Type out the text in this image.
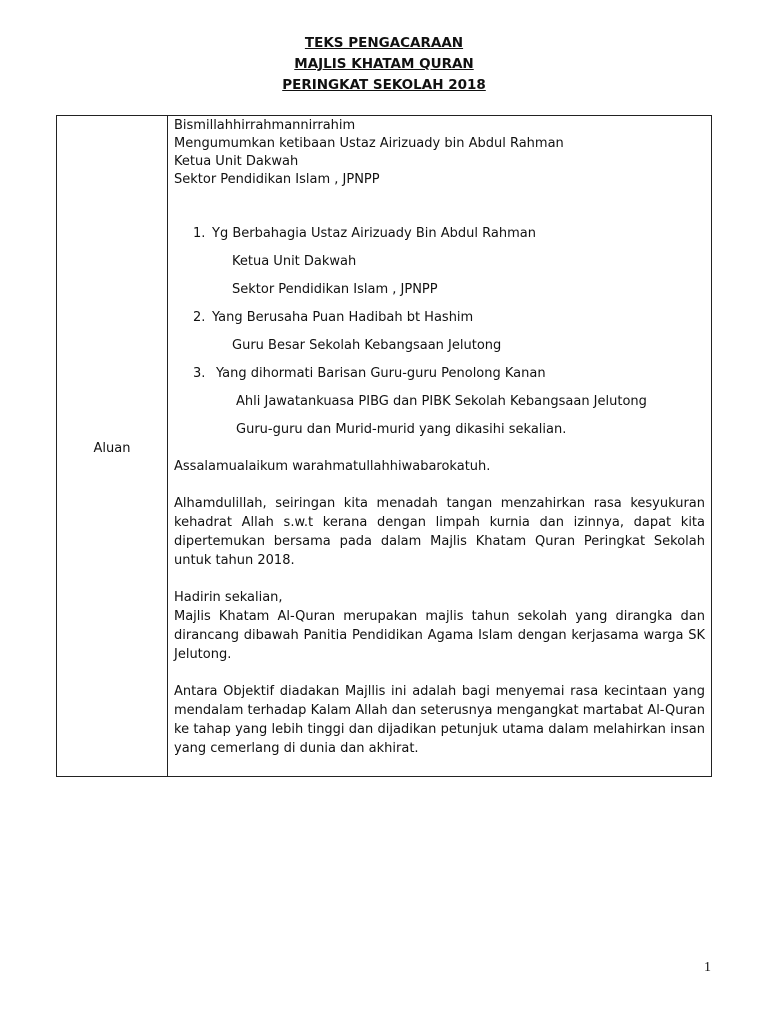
TEKS PENGACARAAN
MAJLIS KHATAM QURAN
PERINGKAT SEKOLAH 2018
Aluan	
Bismillahhirrahmannirrahim
Mengumumkan ketibaan Ustaz Airizuady bin Abdul Rahman
Ketua Unit Dakwah
Sektor Pendidikan Islam , JPNPP
1. Yg Berbahagia Ustaz Airizuady Bin Abdul Rahman
Ketua Unit Dakwah
Sektor Pendidikan Islam , JPNPP
2. Yang Berusaha Puan Hadibah bt Hashim
Guru Besar Sekolah Kebangsaan Jelutong
3. Yang dihormati Barisan Guru-guru Penolong Kanan
Ahli Jawatankuasa PIBG dan PIBK Sekolah Kebangsaan Jelutong
Guru-guru dan Murid-murid yang dikasihi sekalian.
Assalamualaikum warahmatullahhiwabarokatuh.
Alhamdulillah, seiringan kita menadah tangan menzahirkan rasa kesyukuran kehadrat Allah s.w.t kerana dengan limpah kurnia dan izinnya, dapat kita dipertemukan bersama pada dalam Majlis Khatam Quran Peringkat Sekolah untuk tahun 2018.
Hadirin sekalian,
Majlis Khatam Al-Quran merupakan majlis tahun sekolah yang dirangka dan dirancang dibawah Panitia Pendidikan Agama Islam dengan kerjasama warga SK Jelutong.
Antara Objektif diadakan Majllis ini adalah bagi menyemai rasa kecintaan yang mendalam terhadap Kalam Allah dan seterusnya mengangkat martabat Al-Quran ke tahap yang lebih tinggi dan dijadikan petunjuk utama dalam melahirkan insan yang cemerlang di dunia dan akhirat.
1
